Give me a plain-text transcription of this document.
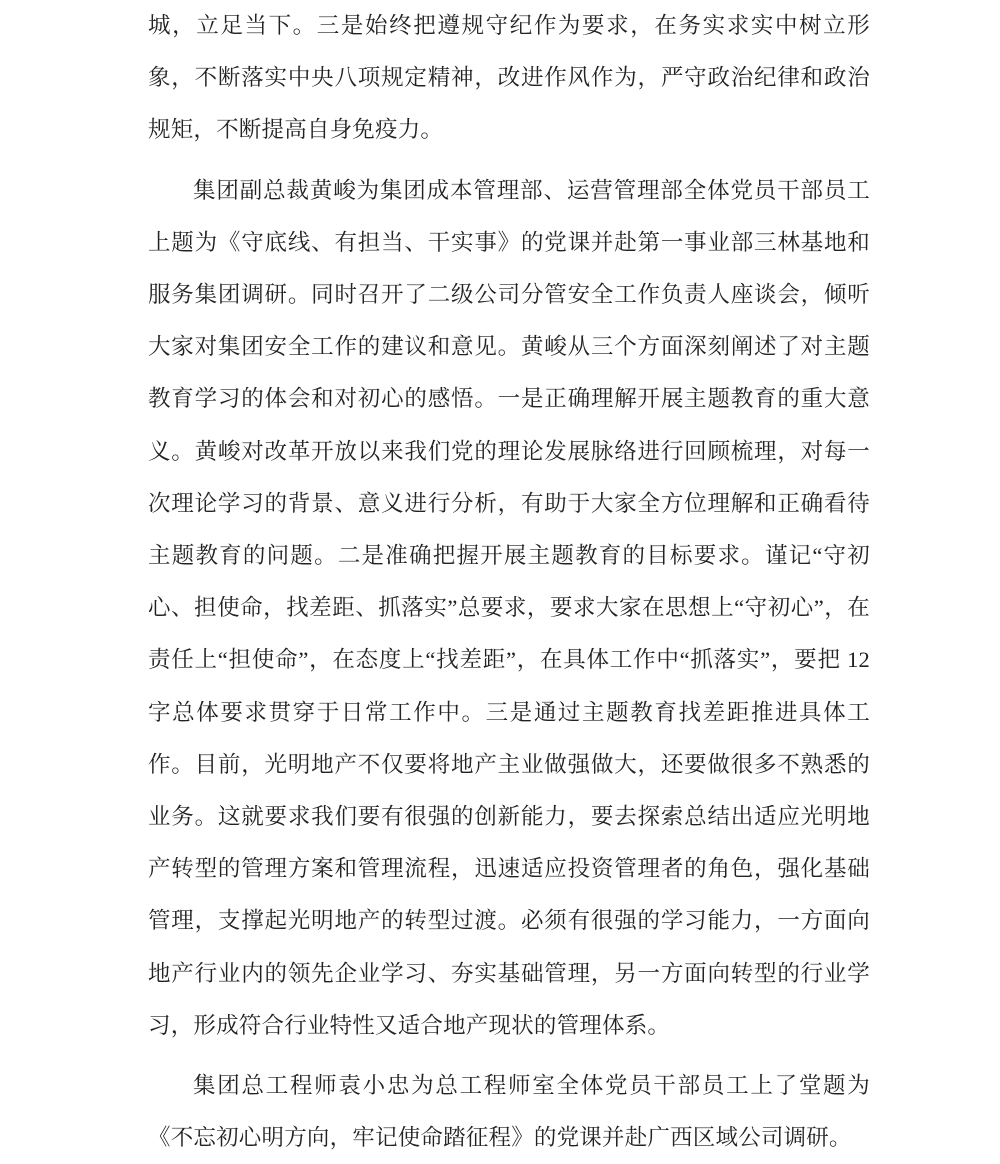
城，立足当下。三是始终把遵规守纪作为要求，在务实求实中树立形象，不断落实中央八项规定精神，改进作风作为，严守政治纪律和政治规矩，不断提高自身免疫力。

集团副总裁黄峻为集团成本管理部、运营管理部全体党员干部员工上题为《守底线、有担当、干实事》的党课并赴第一事业部三林基地和服务集团调研。同时召开了二级公司分管安全工作负责人座谈会，倾听大家对集团安全工作的建议和意见。黄峻从三个方面深刻阐述了对主题教育学习的体会和对初心的感悟。一是正确理解开展主题教育的重大意义。黄峻对改革开放以来我们党的理论发展脉络进行回顾梳理，对每一次理论学习的背景、意义进行分析，有助于大家全方位理解和正确看待主题教育的问题。二是准确把握开展主题教育的目标要求。谨记“守初心、担使命，找差距、抓落实”总要求，要求大家在思想上“守初心”，在责任上“担使命”，在态度上“找差距”，在具体工作中“抓落实”，要把 12 字总体要求贯穿于日常工作中。三是通过主题教育找差距推进具体工作。目前，光明地产不仅要将地产主业做强做大，还要做很多不熟悉的业务。这就要求我们要有很强的创新能力，要去探索总结出适应光明地产转型的管理方案和管理流程，迅速适应投资管理者的角色，强化基础管理，支撑起光明地产的转型过渡。必须有很强的学习能力，一方面向地产行业内的领先企业学习、夯实基础管理，另一方面向转型的行业学习，形成符合行业特性又适合地产现状的管理体系。

集团总工程师袁小忠为总工程师室全体党员干部员工上了堂题为《不忘初心明方向，牢记使命踏征程》的党课并赴广西区域公司调研。
